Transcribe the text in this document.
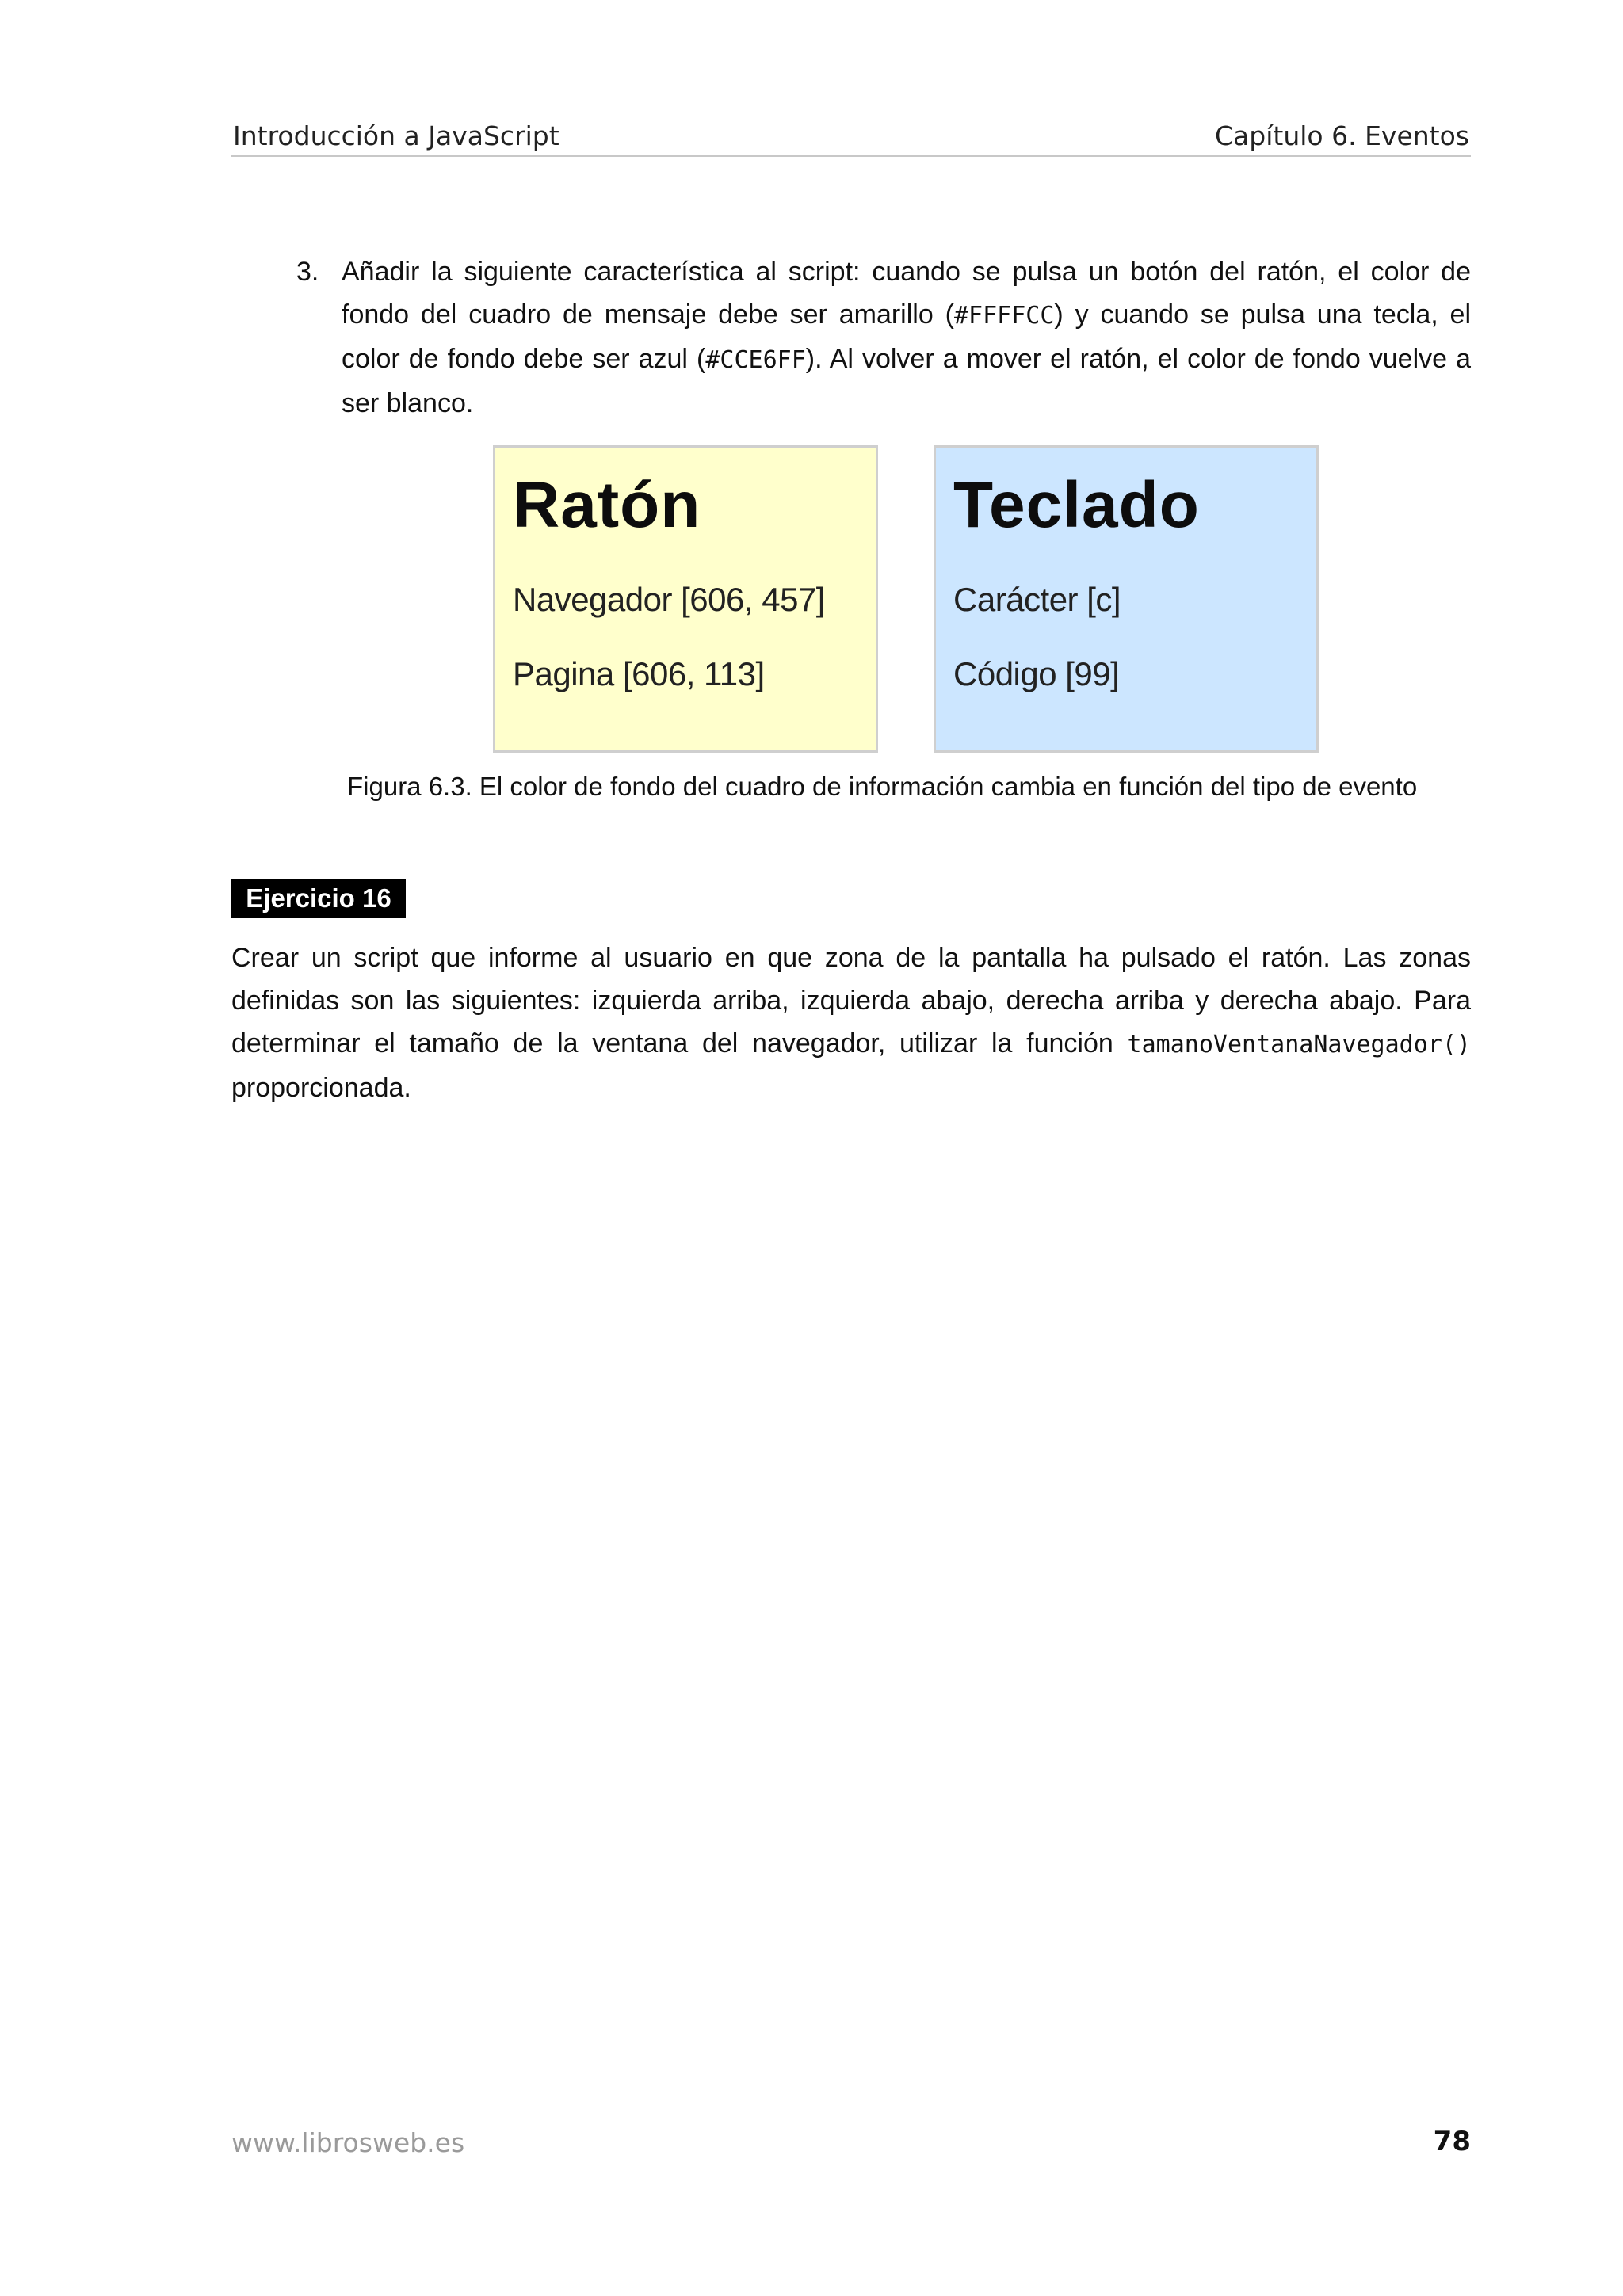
Introducción a JavaScript	Capítulo 6. Eventos
3. Añadir la siguiente característica al script: cuando se pulsa un botón del ratón, el color de fondo del cuadro de mensaje debe ser amarillo (#FFFFCC) y cuando se pulsa una tecla, el color de fondo debe ser azul (#CCE6FF). Al volver a mover el ratón, el color de fondo vuelve a ser blanco.
Ratón
Navegador [606, 457]
Pagina [606, 113]
Teclado
Carácter [c]
Código [99]
Figura 6.3. El color de fondo del cuadro de información cambia en función del tipo de evento
Ejercicio 16
Crear un script que informe al usuario en que zona de la pantalla ha pulsado el ratón. Las zonas definidas son las siguientes: izquierda arriba, izquierda abajo, derecha arriba y derecha abajo. Para determinar el tamaño de la ventana del navegador, utilizar la función tamanoVentanaNavegador() proporcionada.
www.librosweb.es	78
